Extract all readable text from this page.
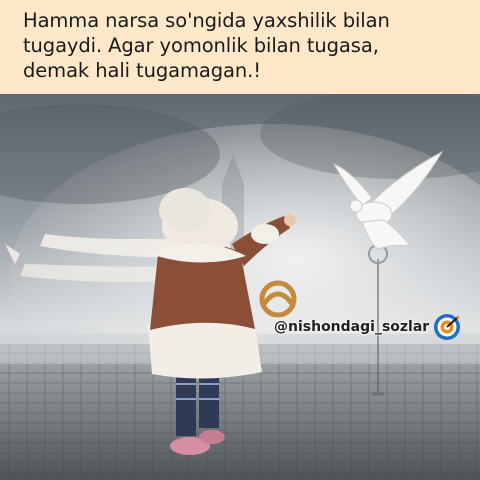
Hamma narsa so'ngida yaxshilik bilan
tugaydi. Agar yomonlik bilan tugasa,
demak hali tugamagan.!
@nishondagi_sozlar
